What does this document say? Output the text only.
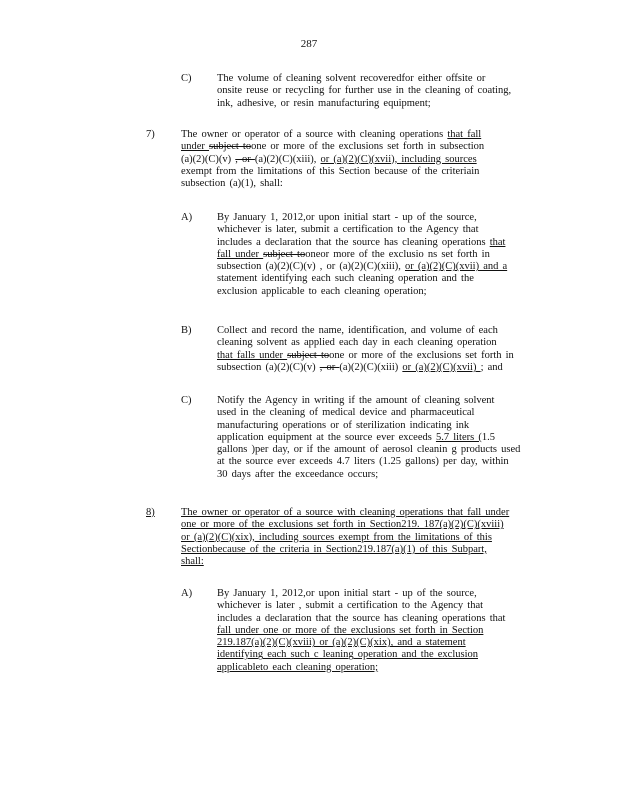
287
C) The volume of cleaning solvent recoveredfor either offsite or
onsite reuse or recycling for further use in the cleaning of coating,
ink, adhesive, or resin manufacturing equipment;
7)	The owner or operator of a source with cleaning operations that fall
under subject toone or more of the exclusions set forth in subsection
(a)(2)(C)(v) , or (a)(2)(C)(xiii), or (a)(2)(C)(xvii), including sources
exempt from the limitations of this Section because of the criteriain
subsection (a)(1), shall:
A) By January 1, 2012,or upon initial start - up of the source,
whichever is later, submit a certification to the Agency that
includes a declaration that the source has cleaning operations that
fall under subject tooneor more of the exclusio ns set forth in
subsection (a)(2)(C)(v) , or (a)(2)(C)(xiii), or (a)(2)(C)(xvii) and a
statement identifying each such cleaning operation and the
exclusion applicable to each cleaning operation;
B) Collect and record the name, identification, and volume of each
cleaning solvent as applied each day in each cleaning operation
that falls under subject toone or more of the exclusions set forth in
subsection (a)(2)(C)(v) , or (a)(2)(C)(xiii) or (a)(2)(C)(xvii) ; and
C) Notify the Agency in writing if the amount of cleaning solvent
used in the cleaning of medical device and pharmaceutical
manufacturing operations or of sterilization indicating ink
application equipment at the source ever exceeds 5.7 liters (1.5
gallons )per day, or if the amount of aerosol cleanin g products used
at the source ever exceeds 4.7 liters (1.25 gallons) per day, within
30 days after the exceedance occurs;
8)	The owner or operator of a source with cleaning operations that fall under
one or more of the exclusions set forth in Section219. 187(a)(2)(C)(xviii)
or (a)(2)(C)(xix), including sources exempt from the limitations of this
Sectionbecause of the criteria in Section219.187(a)(1) of this Subpart,
shall:
A) By January 1, 2012,or upon initial start - up of the source,
whichever is later , submit a certification to the Agency that
includes a declaration that the source has cleaning operations that
fall under one or more of the exclusions set forth in Section
219.187(a)(2)(C)(xviii) or (a)(2)(C)(xix), and a statement
identifying each such c leaning operation and the exclusion
applicableto each cleaning operation;
